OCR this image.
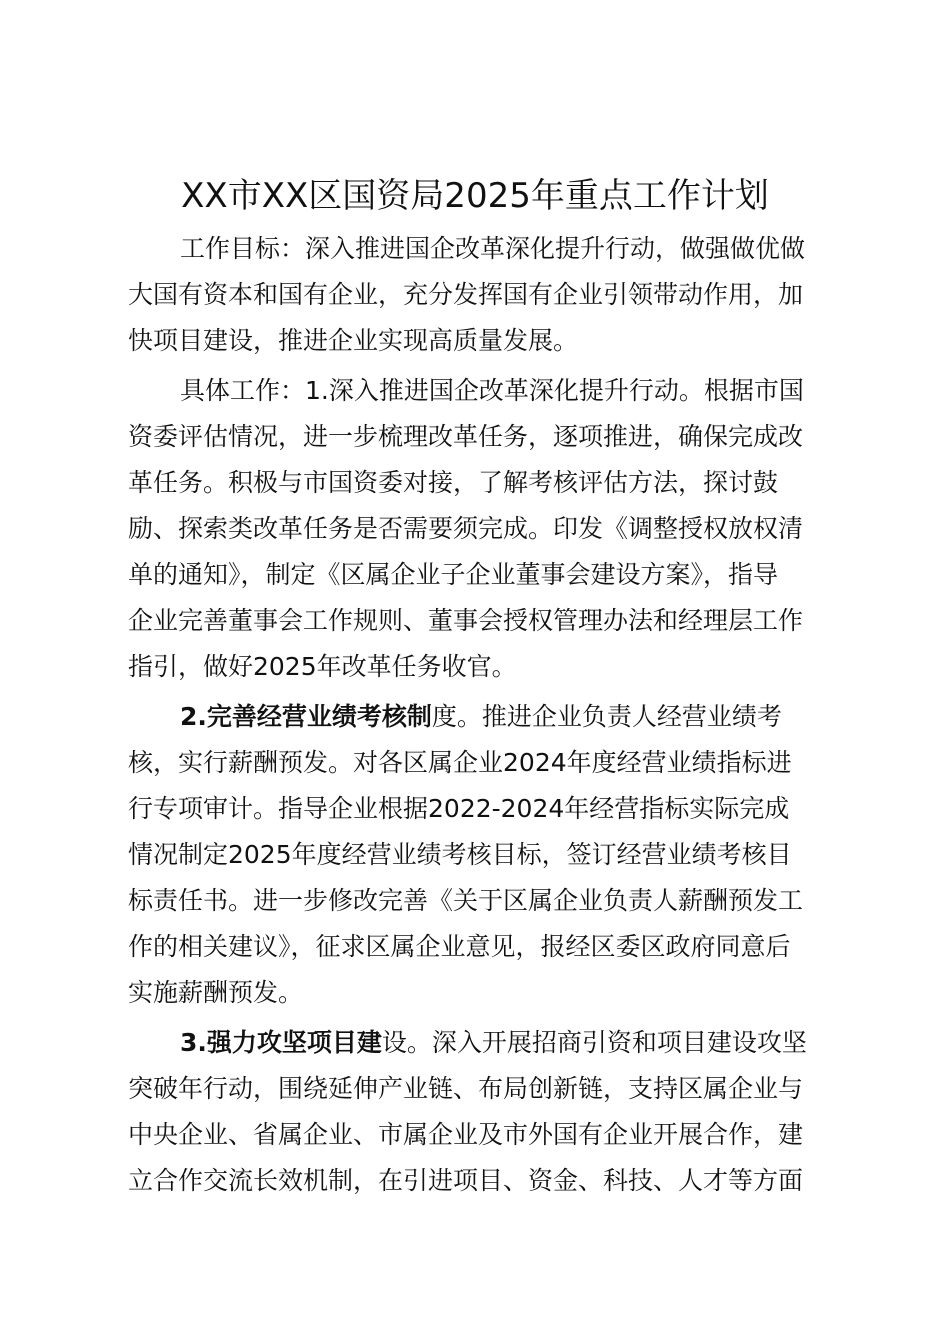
XX市XX区国资局2025年重点工作计划
工作目标：深入推进国企改革深化提升行动，做强做优做
大国有资本和国有企业，充分发挥国有企业引领带动作用，加
快项目建设，推进企业实现高质量发展。
具体工作：1.深入推进国企改革深化提升行动。根据市国
资委评估情况，进一步梳理改革任务，逐项推进，确保完成改
革任务。积极与市国资委对接，了解考核评估方法，探讨鼓
励、探索类改革任务是否需要须完成。印发《调整授权放权清
单的通知》，制定《区属企业子企业董事会建设方案》，指导
企业完善董事会工作规则、董事会授权管理办法和经理层工作
指引，做好2025年改革任务收官。
2.完善经营业绩考核制度。推进企业负责人经营业绩考
核，实行薪酬预发。对各区属企业2024年度经营业绩指标进
行专项审计。指导企业根据2022-2024年经营指标实际完成
情况制定2025年度经营业绩考核目标，签订经营业绩考核目
标责任书。进一步修改完善《关于区属企业负责人薪酬预发工
作的相关建议》，征求区属企业意见，报经区委区政府同意后
实施薪酬预发。
3.强力攻坚项目建设。深入开展招商引资和项目建设攻坚
突破年行动，围绕延伸产业链、布局创新链，支持区属企业与
中央企业、省属企业、市属企业及市外国有企业开展合作，建
立合作交流长效机制，在引进项目、资金、科技、人才等方面
